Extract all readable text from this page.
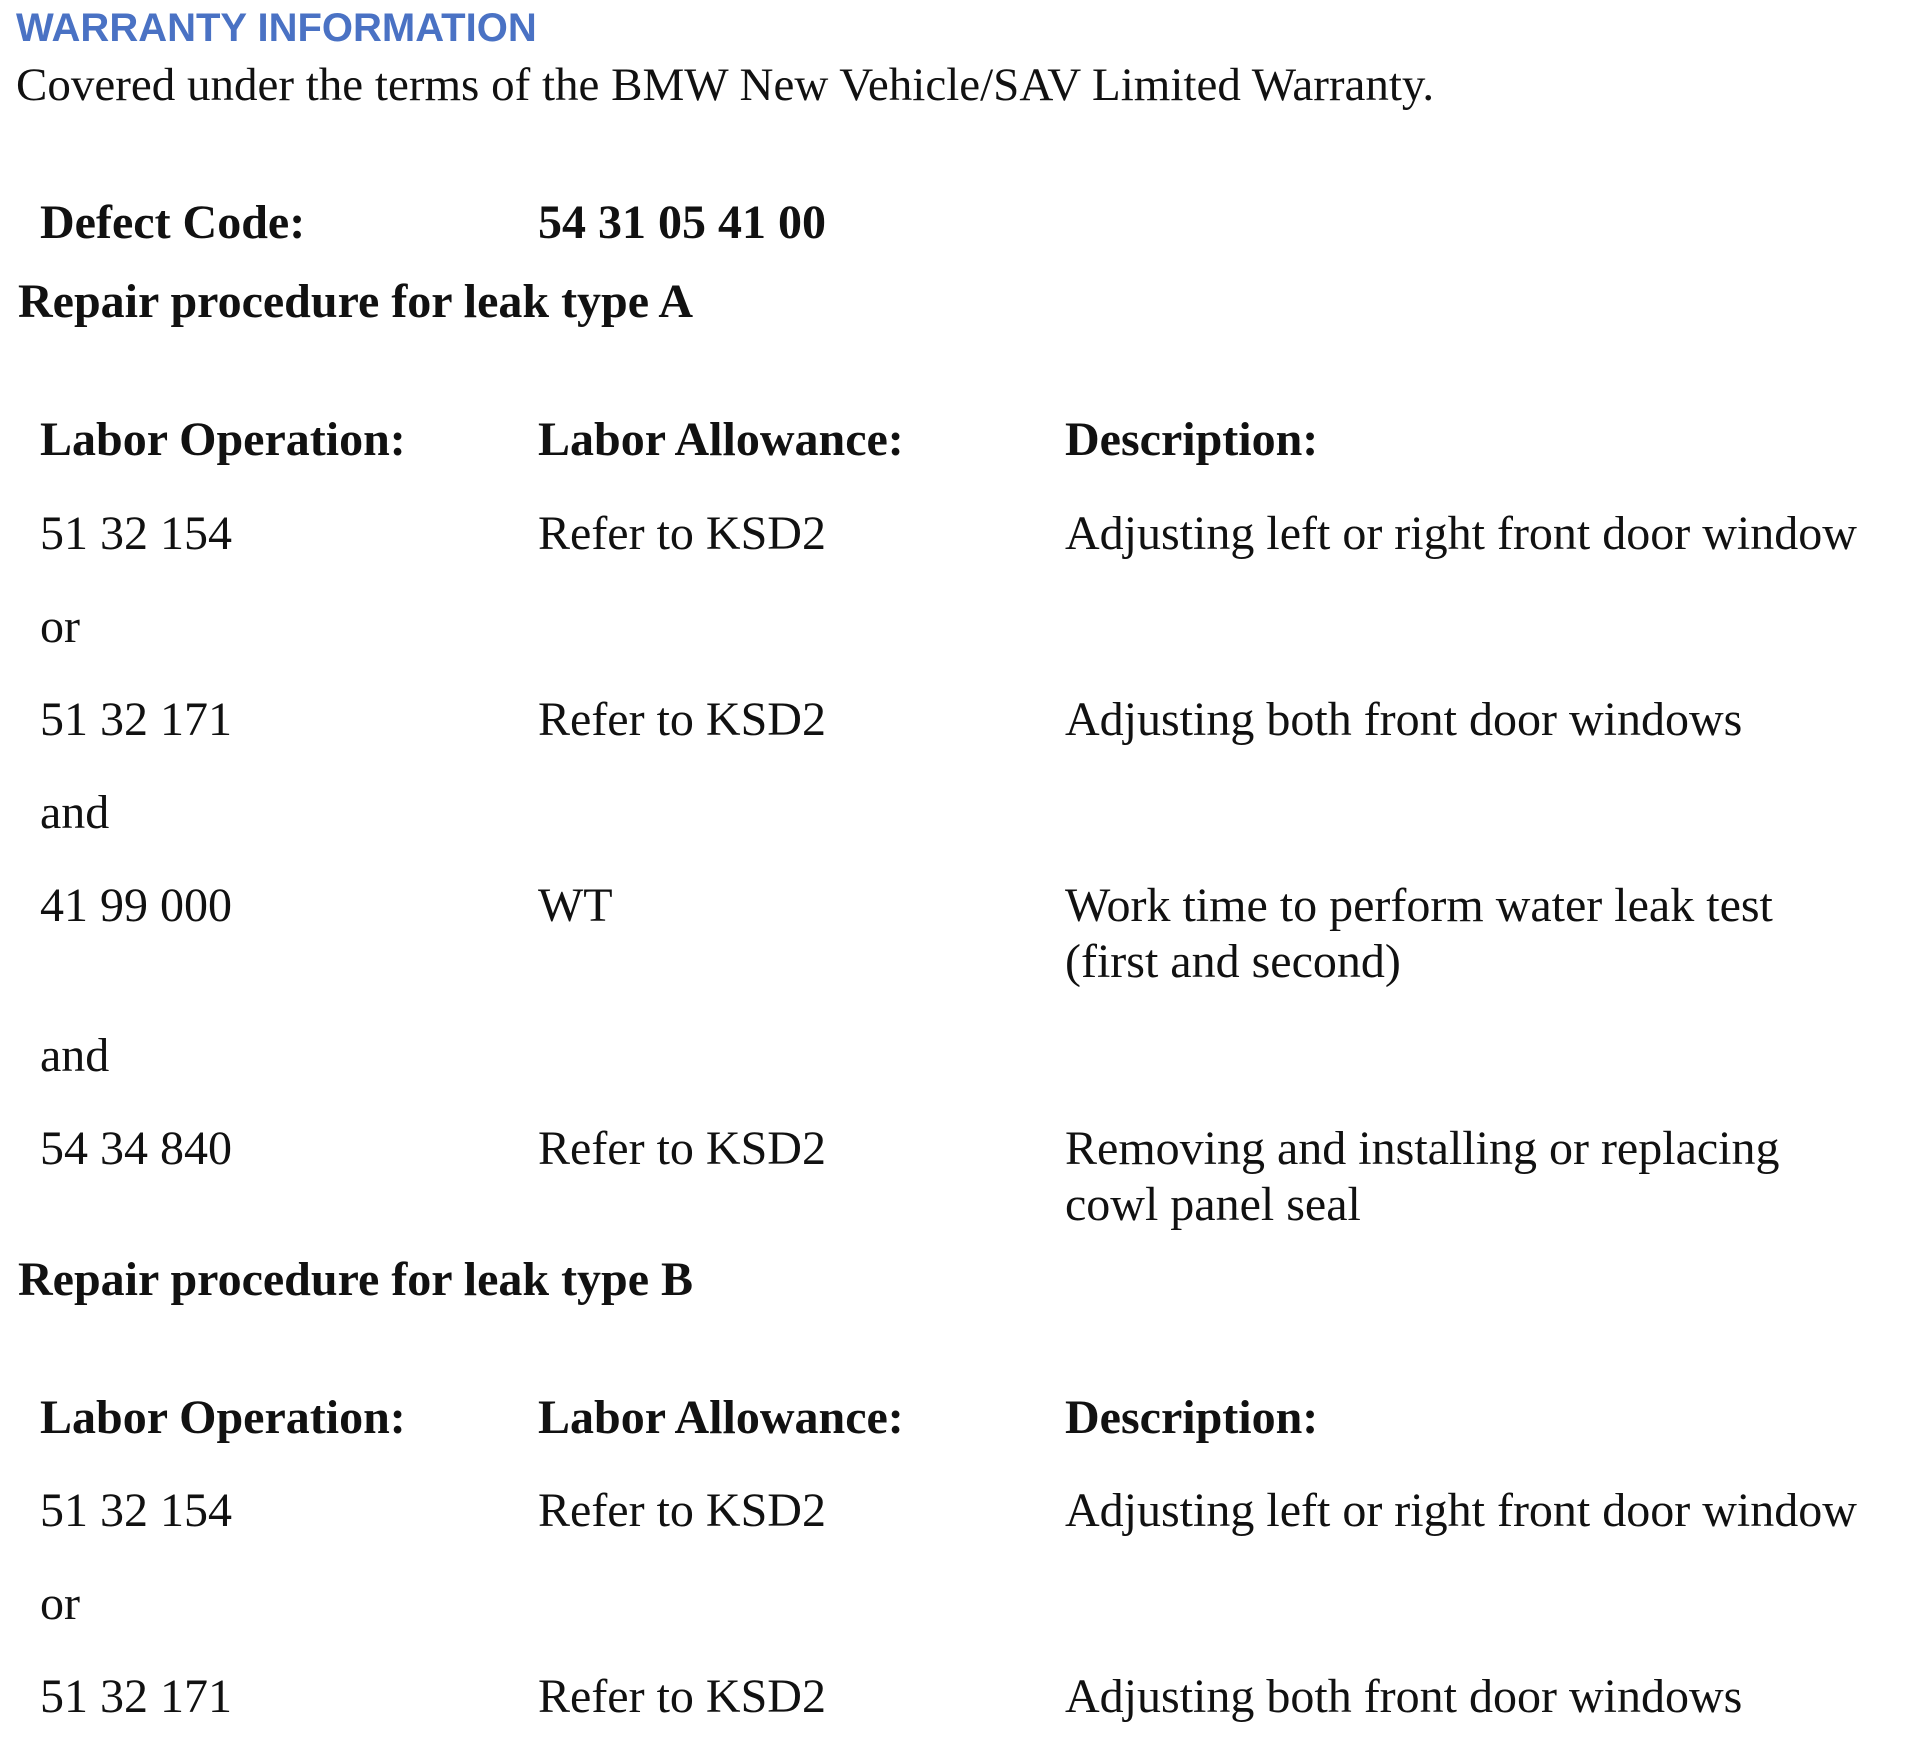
WARRANTY INFORMATION
Covered under the terms of the BMW New Vehicle/SAV Limited Warranty.
Defect Code:	54 31 05 41 00
Repair procedure for leak type A
Labor Operation:	Labor Allowance:	Description:
51 32 154	Refer to KSD2	Adjusting left or right front door window
or
51 32 171	Refer to KSD2	Adjusting both front door windows
and
41 99 000	WT	Work time to perform water leak test
(first and second)
and
54 34 840	Refer to KSD2	Removing and installing or replacing
cowl panel seal
Repair procedure for leak type B
Labor Operation:	Labor Allowance:	Description:
51 32 154	Refer to KSD2	Adjusting left or right front door window
or
51 32 171	Refer to KSD2	Adjusting both front door windows
